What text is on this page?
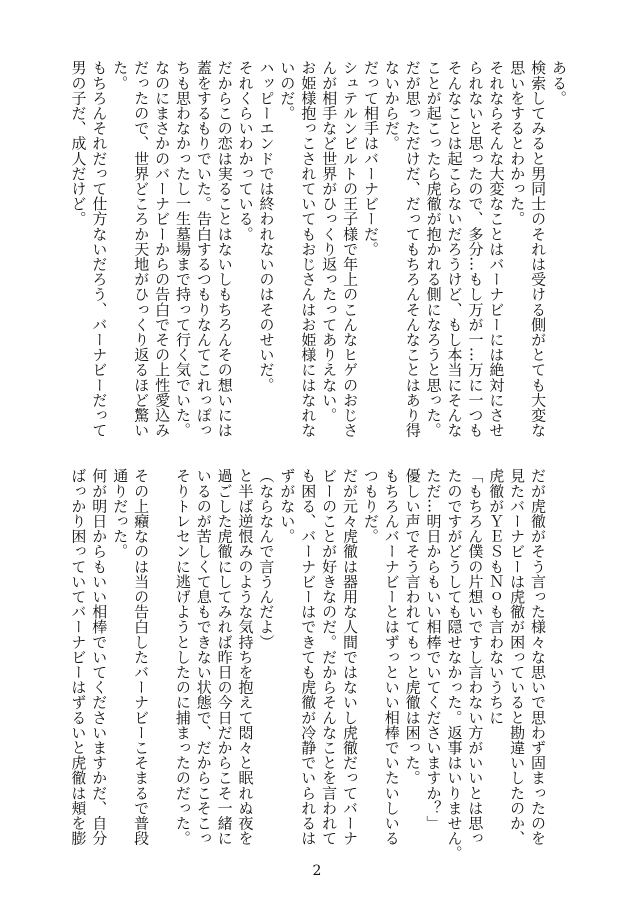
ある。
検索してみると男同士のそれは受ける側がとても大変な
思いをするとわかった。
それならそんな大変なことはバーナビーには絶対にさせ
られないと思ったので、多分…もし万が一…万に一つも
そんなことは起こらないだろうけど、もし本当にそんな
ことが起こったら虎徹が抱かれる側になろうと思った。
だが思っただけだ、だってもちろんそんなことはあり得
ないからだ。
だって相手はバーナビーだ。
シュテルンビルトの王子様で年上のこんなヒゲのおじさ
んが相手など世界がひっくり返ったってありえない。
お姫様抱っこされていてもおじさんはお姫様にはなれな
いのだ。
ハッピーエンドでは終われないのはそのせいだ。
それくらいわかっている。
だからこの恋は実ることはないしもちろんその想いには
蓋をするもりでいた。告白するつもりなんてこれっぽっ
ちも思わなかったし一生墓場まで持って行く気でいた。
なのにまさかのバーナビーからの告白でその上性愛込み
だったので、世界どころか天地がひっくり返るほど驚い
た。
もちろんそれだって仕方ないだろう、バーナビーだって
男の子だ、成人だけど。
だが虎徹がそう言った様々な思いで思わず固まったのを
見たバーナビーは虎徹が困っていると勘違いしたのか、
虎徹がＹＥＳもＮｏも言わないうちに
「もちろん僕の片想いですし言わない方がいいとは思っ
たのですがどうしても隠せなかった。返事はいりません。
ただ…明日からもいい相棒でいてくださいますか？」
優しい声でそう言われてもっと虎徹は困った。
もちろんバーナビーとはずっといい相棒でいたいしいる
つもりだ。
だが元々虎徹は器用な人間ではないし虎徹だってバーナ
ビーのことが好きなのだ。だからそんなことを言われて
も困る、バーナビーはできても虎徹が冷静でいられるは
ずがない。
（ならなんで言うんだよ）
と半ば逆恨みのような気持ちを抱えて悶々と眠れぬ夜を
過ごした虎徹にしてみれば昨日の今日だからこそ一緒に
いるのが苦しくて息もできない状態で、だからこそこっ
そりトレセンに逃げようとしたのに捕まったのだった。
その上癪なのは当の告白したバーナビーこそまるで普段
通りだった。
何が明日からもいい相棒でいてくださいますかだ、自分
ばっかり困っていてバーナビーはずるいと虎徹は頬を膨
2
